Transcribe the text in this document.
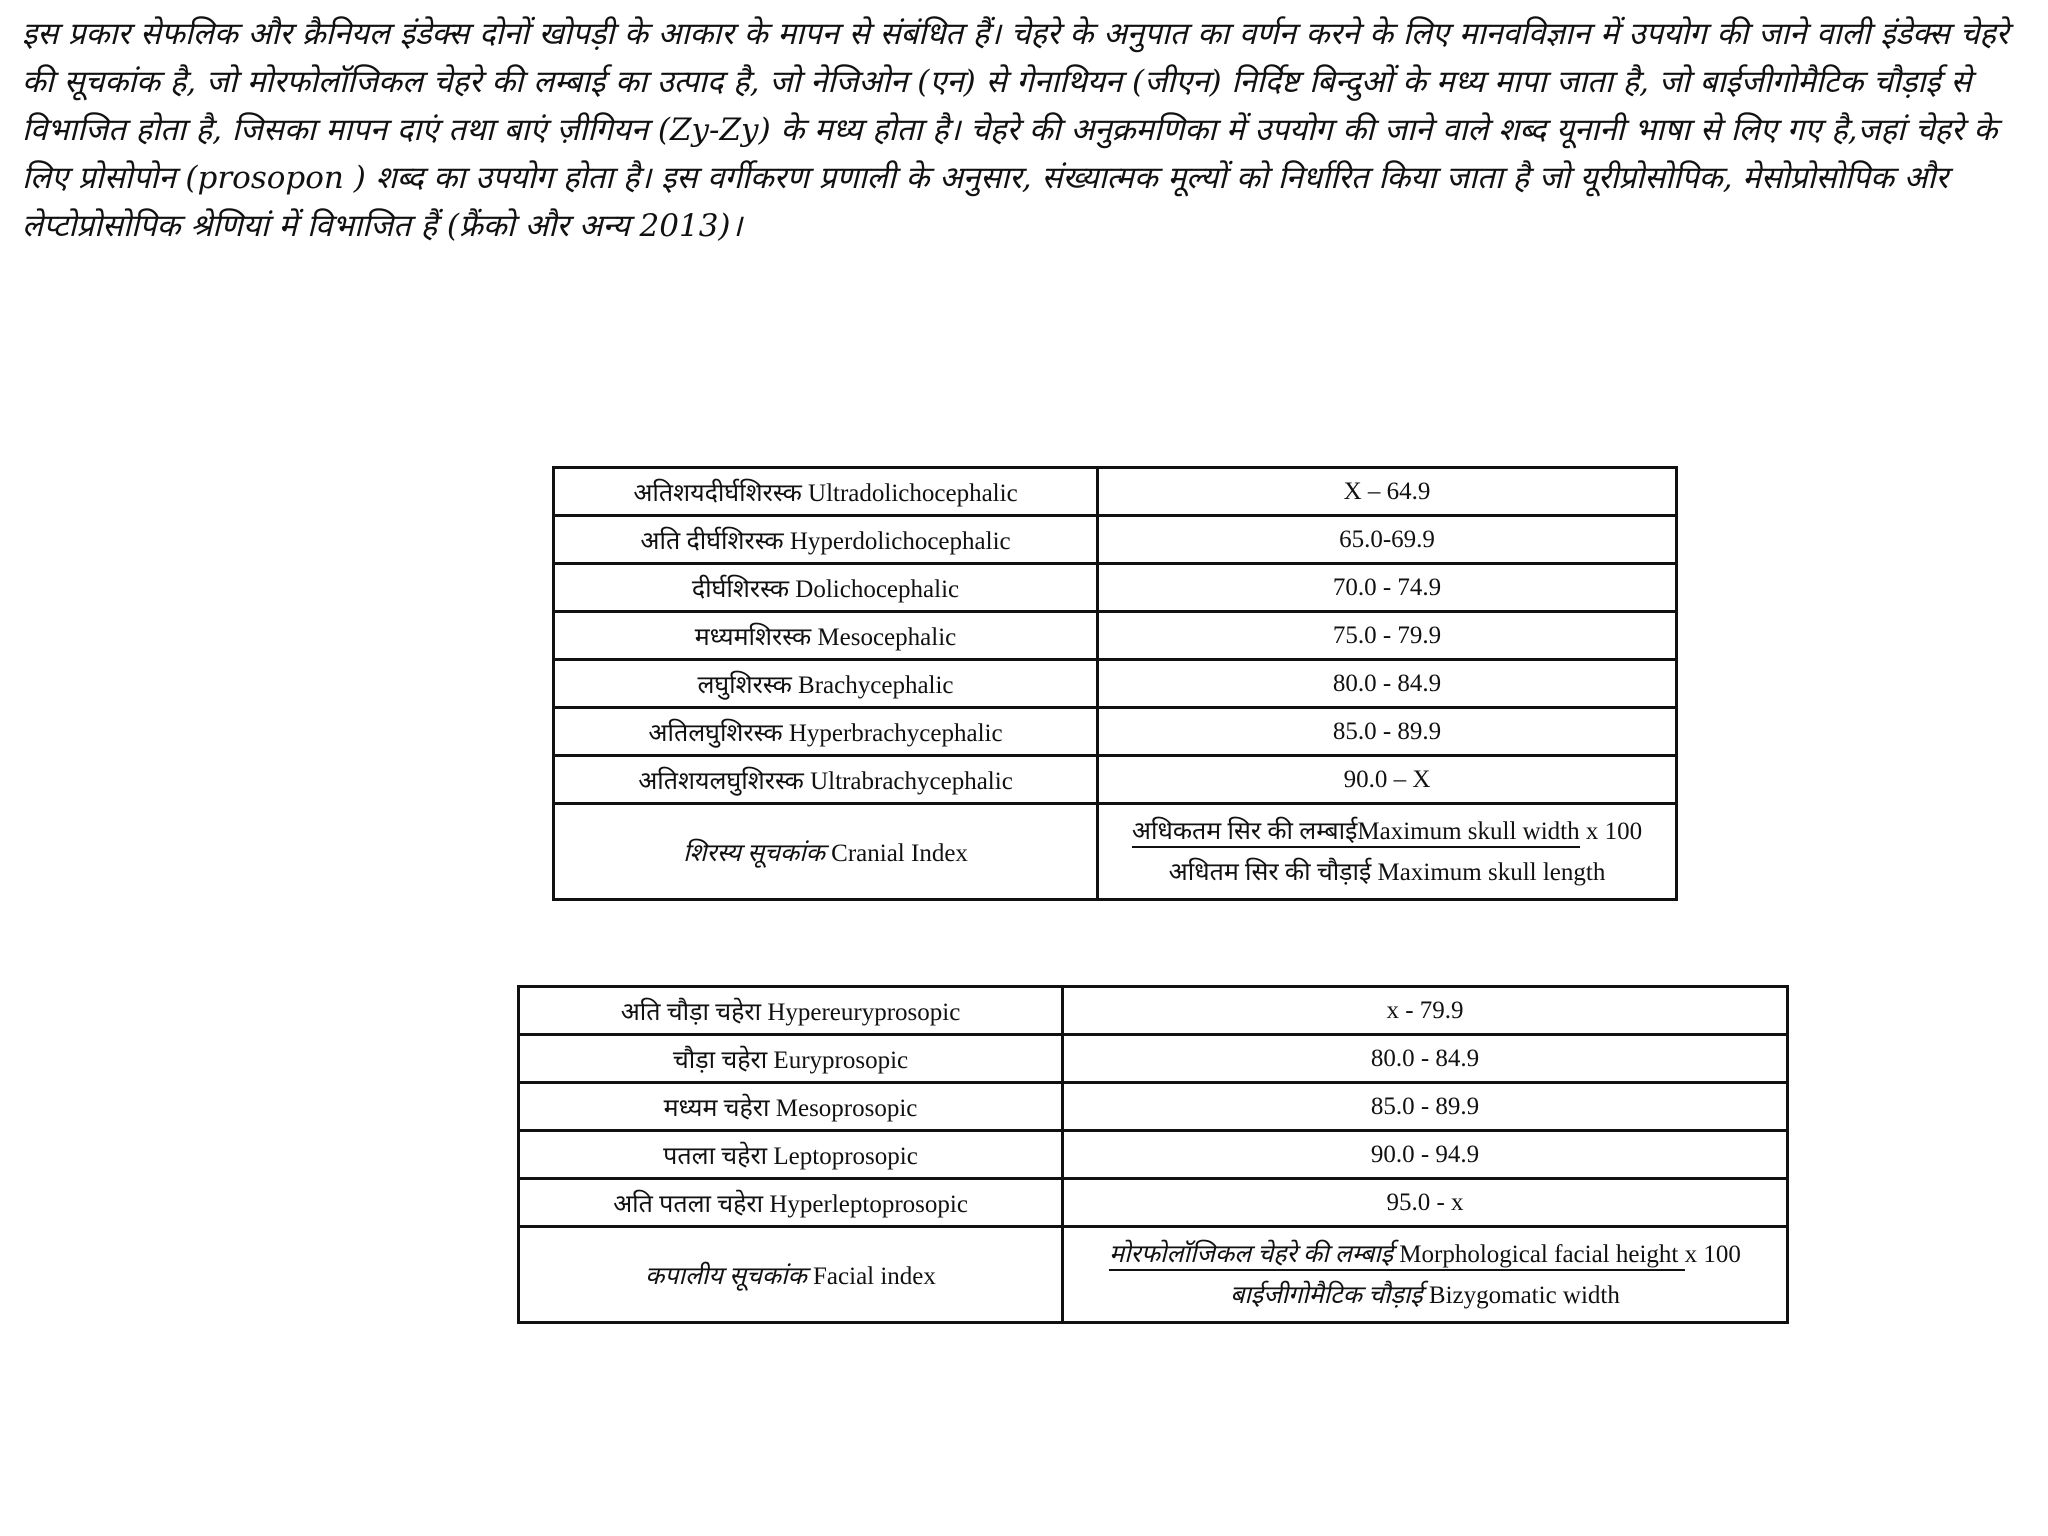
इस प्रकार सेफलिक और क्रैनियल इंडेक्स दोनों खोपड़ी के आकार के मापन से संबंधित हैं। चेहरे के अनुपात का वर्णन करने के लिए मानवविज्ञान में उपयोग की जाने वाली इंडेक्स चेहरे की सूचकांक है, जो मोरफोलॉजिकल चेहरे की लम्बाई का उत्पाद है, जो नेजिओन (एन) से गेनाथियन (जीएन) निर्दिष्ट बिन्दुओं के मध्य मापा जाता है, जो बाईजीगोमैटिक चौड़ाई से विभाजित होता है, जिसका मापन दाएं तथा बाएं ज़ीगियन (Zy-Zy) के मध्य होता है। चेहरे की अनुक्रमणिका में उपयोग की जाने वाले शब्द यूनानी भाषा से लिए गए है,जहां चेहरे के लिए प्रोसोपोन (prosopon ) शब्द का उपयोग होता है। इस वर्गीकरण प्रणाली के अनुसार, संख्यात्मक मूल्यों को निर्धारित किया जाता है जो यूरीप्रोसोपिक, मेसोप्रोसोपिक और लेप्टोप्रोसोपिक श्रेणियां में विभाजित हैं (फ्रैंको और अन्य 2013)।

अतिशयदीर्घशिरस्क Ultradolichocephalic	X – 64.9
अति दीर्घशिरस्क Hyperdolichocephalic	65.0-69.9
दीर्घशिरस्क Dolichocephalic	70.0 - 74.9
मध्यमशिरस्क Mesocephalic	75.0 - 79.9
लघुशिरस्क Brachycephalic	80.0 - 84.9
अतिलघुशिरस्क Hyperbrachycephalic	85.0 - 89.9
अतिशयलघुशिरस्क Ultrabrachycephalic	90.0 – X
शिरस्य सूचकांक Cranial Index	अधिकतम सिर की लम्बाईMaximum skull width x 100
अधितम सिर की चौड़ाई Maximum skull length
अति चौड़ा चहेरा Hypereuryprosopic	x - 79.9
चौड़ा चहेरा Euryprosopic	80.0 - 84.9
मध्यम चहेरा Mesoprosopic	85.0 - 89.9
पतला चहेरा Leptoprosopic	90.0 - 94.9
अति पतला चहेरा Hyperleptoprosopic	95.0 - x
कपालीय सूचकांक Facial index	मोरफोलॉजिकल चेहरे की लम्बाई Morphological facial height x 100
बाईजीगोमैटिक चौड़ाई Bizygomatic width
